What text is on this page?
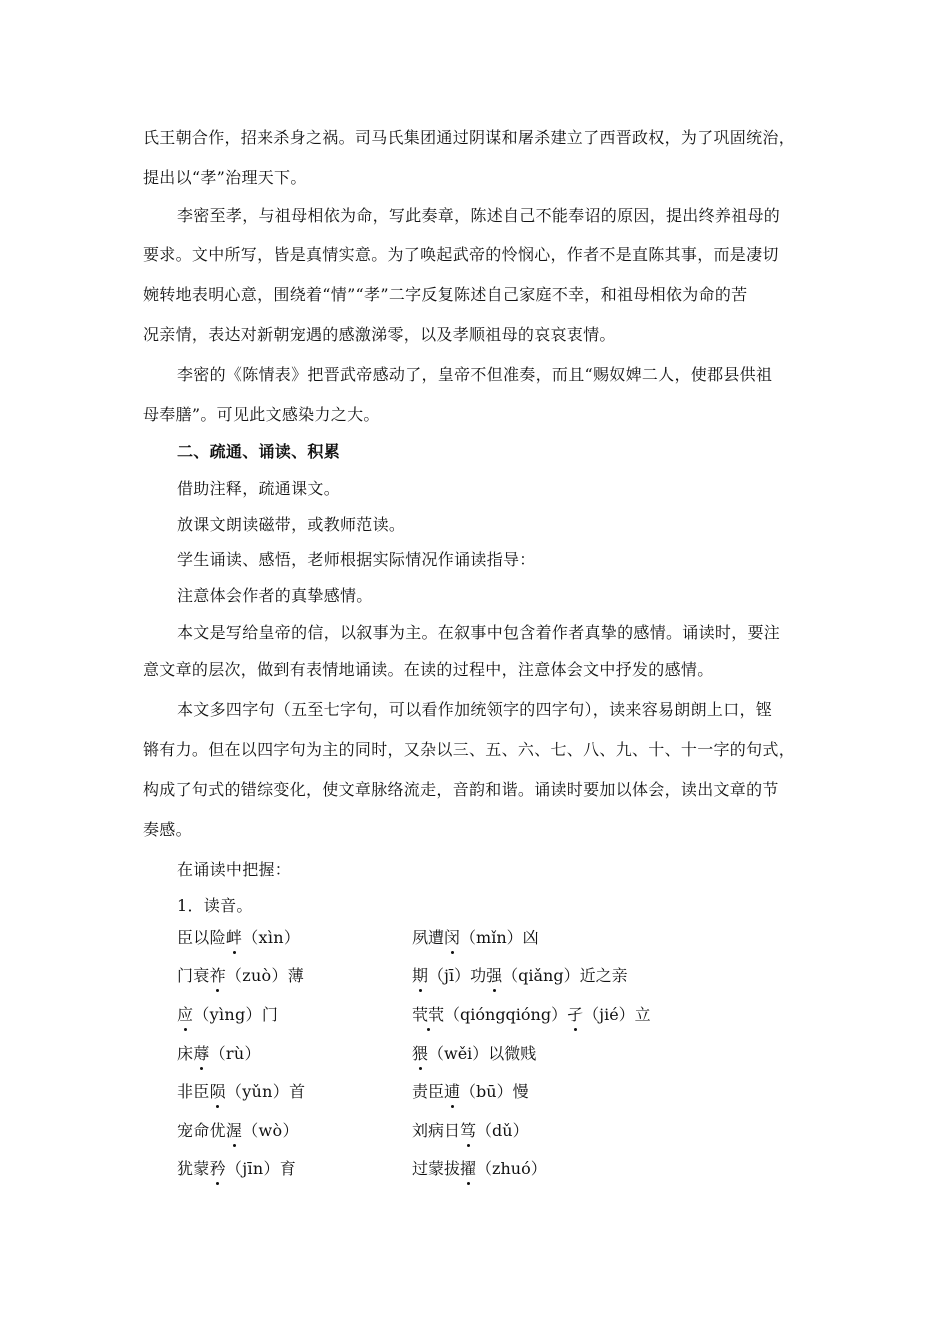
氏王朝合作，招来杀身之祸。司马氏集团通过阴谋和屠杀建立了西晋政权，为了巩固统治，
提出以“孝”治理天下。
李密至孝，与祖母相依为命，写此奏章，陈述自己不能奉诏的原因，提出终养祖母的
要求。文中所写，皆是真情实意。为了唤起武帝的怜悯心，作者不是直陈其事，而是凄切
婉转地表明心意，围绕着“情”“孝”二字反复陈述自己家庭不幸，和祖母相依为命的苦
况亲情，表达对新朝宠遇的感激涕零，以及孝顺祖母的哀哀衷情。
李密的《陈情表》把晋武帝感动了，皇帝不但准奏，而且“赐奴婢二人，使郡县供祖
母奉膳”。可见此文感染力之大。
二、疏通、诵读、积累
借助注释，疏通课文。
放课文朗读磁带，或教师范读。
学生诵读、感悟，老师根据实际情况作诵读指导：
注意体会作者的真挚感情。
本文是写给皇帝的信，以叙事为主。在叙事中包含着作者真挚的感情。诵读时，要注
意文章的层次，做到有表情地诵读。在读的过程中，注意体会文中抒发的感情。
本文多四字句（五至七字句，可以看作加统领字的四字句），读来容易朗朗上口，铿
锵有力。但在以四字句为主的同时，又杂以三、五、六、七、八、九、十、十一字的句式，
构成了句式的错综变化，使文章脉络流走，音韵和谐。诵读时要加以体会，读出文章的节
奏感。
在诵读中把握：
1．读音。
臣以险衅（xìn）	夙遭闵（mǐn）凶
门衰祚（zuò）薄	期（jī）功强（qiǎng）近之亲
应（yìng）门	茕茕（qióngqióng）孑（jié）立
床蓐（rù）	猥（wěi）以微贱
非臣陨（yǔn）首	责臣逋（bū）慢
宠命优渥（wò）	刘病日笃（dǔ）
犹蒙矜（jīn）育	过蒙拔擢（zhuó）
